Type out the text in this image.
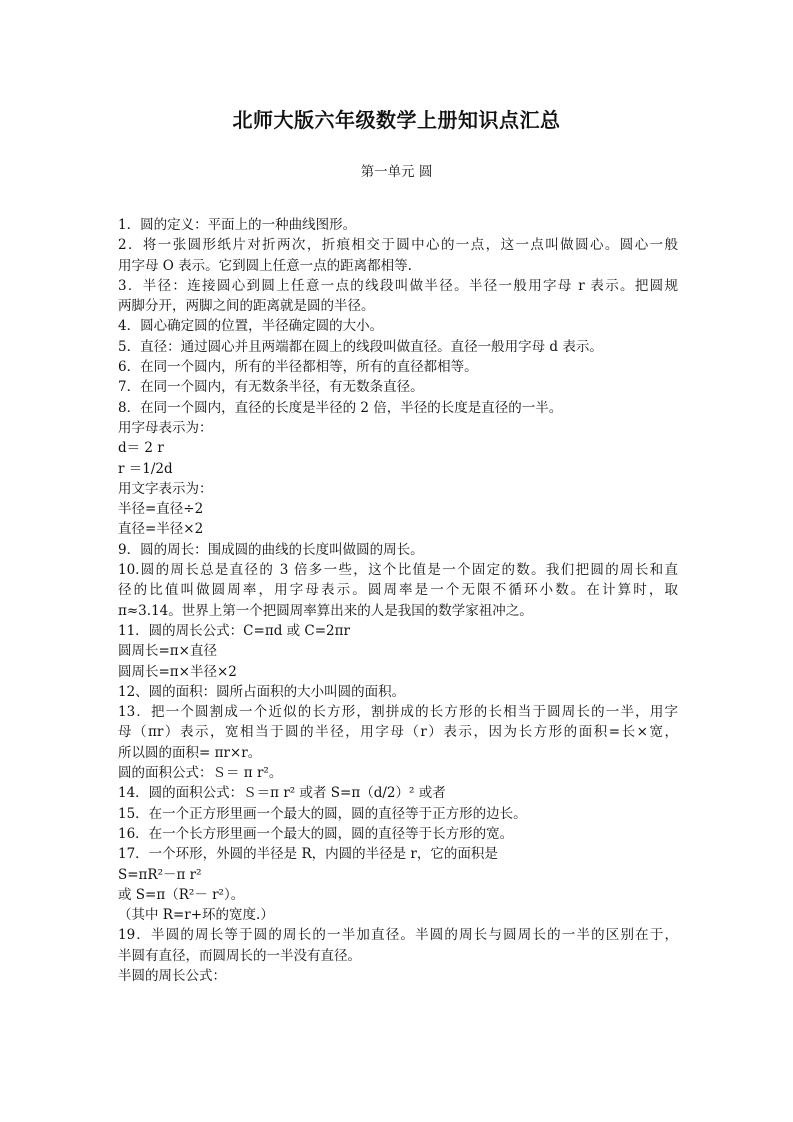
北师大版六年级数学上册知识点汇总
第一单元 圆
1．圆的定义：平面上的一种曲线图形。
2．将一张圆形纸片对折两次，折痕相交于圆中心的一点，这一点叫做圆心。圆心一般
用字母 O 表示。它到圆上任意一点的距离都相等.
3．半径：连接圆心到圆上任意一点的线段叫做半径。半径一般用字母 r 表示。把圆规
两脚分开，两脚之间的距离就是圆的半径。
4．圆心确定圆的位置，半径确定圆的大小。
5．直径：通过圆心并且两端都在圆上的线段叫做直径。直径一般用字母 d 表示。
6．在同一个圆内，所有的半径都相等，所有的直径都相等。
7．在同一个圆内，有无数条半径，有无数条直径。
8．在同一个圆内，直径的长度是半径的 2 倍，半径的长度是直径的一半。
用字母表示为：
d＝ 2 r
r ＝1/2d
用文字表示为：
半径=直径÷2
直径=半径×2
9．圆的周长：围成圆的曲线的长度叫做圆的周长。
10.圆的周长总是直径的 3 倍多一些，这个比值是一个固定的数。我们把圆的周长和直
径的比值叫做圆周率，用字母表示。圆周率是一个无限不循环小数。在计算时，取
π≈3.14。世界上第一个把圆周率算出来的人是我国的数学家祖冲之。
11．圆的周长公式：C=πd 或 C=2πr
圆周长=π×直径
圆周长=π×半径×2
12、圆的面积：圆所占面积的大小叫圆的面积。
13．把一个圆割成一个近似的长方形，割拼成的长方形的长相当于圆周长的一半，用字
母（πr）表示，宽相当于圆的半径，用字母（r）表示，因为长方形的面积=长×宽，
所以圆的面积= πr×r。
圆的面积公式：Ｓ＝ π r²。
14．圆的面积公式：Ｓ＝π r² 或者 S=π（d/2）² 或者
15．在一个正方形里画一个最大的圆，圆的直径等于正方形的边长。
16．在一个长方形里画一个最大的圆，圆的直径等于长方形的宽。
17．一个环形，外圆的半径是 R，内圆的半径是 r，它的面积是
S=πR²－π r²
或 S=π（R²－ r²）。
（其中 R=r+环的宽度.）
19．半圆的周长等于圆的周长的一半加直径。半圆的周长与圆周长的一半的区别在于，
半圆有直径，而圆周长的一半没有直径。
半圆的周长公式：
